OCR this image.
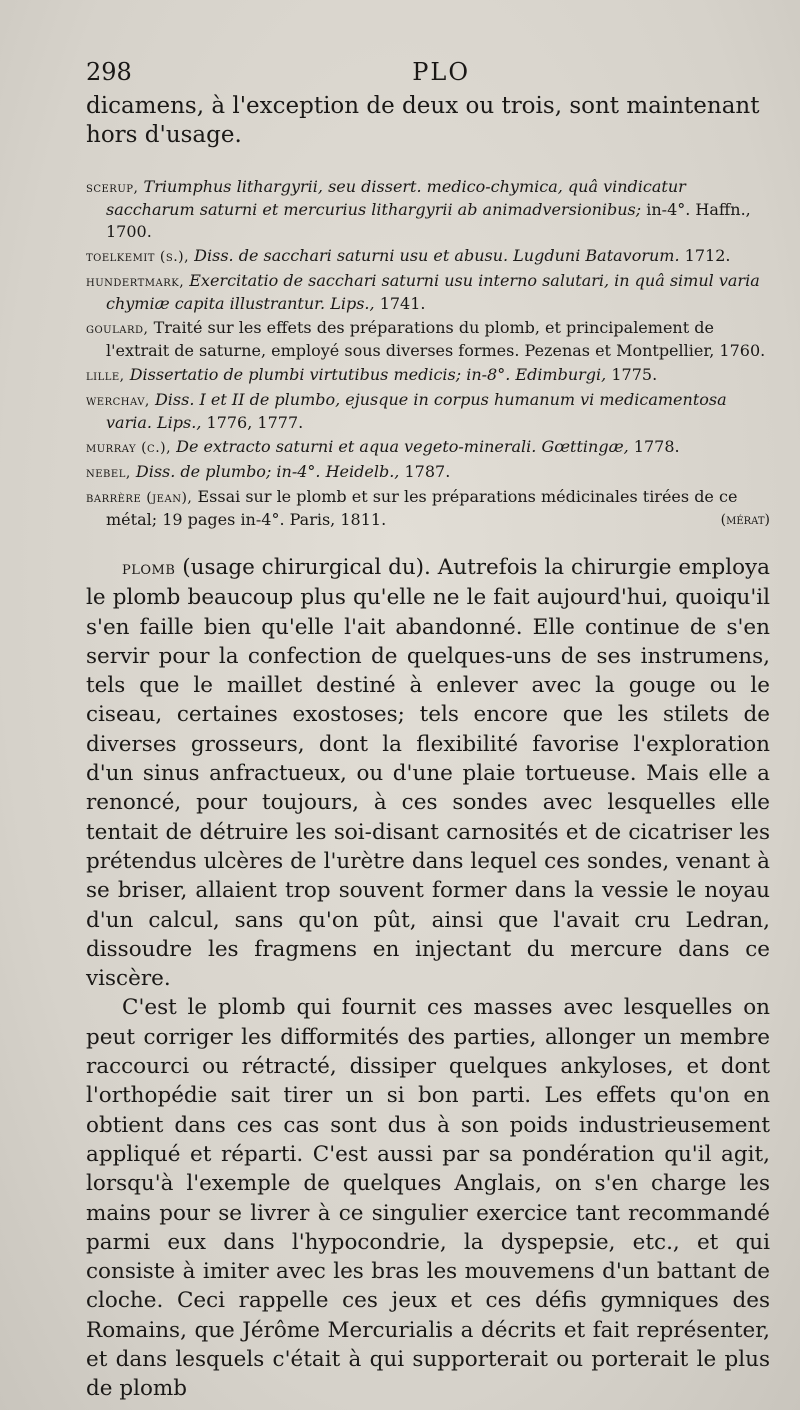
298	PLO
dicamens, à l'exception de deux ou trois, sont maintenant hors d'usage.
scerup, Triumphus lithargyrii, seu dissert. medico-chymica, quâ vindicatur saccharum saturni et mercurius lithargyrii ab animadversionibus; in-4°. Haffn., 1700.
toelkemit (s.), Diss. de sacchari saturni usu et abusu. Lugduni Batavorum. 1712.
hundertmark, Exercitatio de sacchari saturni usu interno salutari, in quâ simul varia chymiæ capita illustrantur. Lips., 1741.
goulard, Traité sur les effets des préparations du plomb, et principalement de l'extrait de saturne, employé sous diverses formes. Pezenas et Montpellier, 1760.
lille, Dissertatio de plumbi virtutibus medicis; in-8°. Edimburgi, 1775.
werchav, Diss. I et II de plumbo, ejusque in corpus humanum vi medicamentosa varia. Lips., 1776, 1777.
murray (c.), De extracto saturni et aqua vegeto-minerali. Gœttingæ, 1778.
nebel, Diss. de plumbo; in-4°. Heidelb., 1787.
barrère (jean), Essai sur le plomb et sur les préparations médicinales tirées de ce métal; 19 pages in-4°. Paris, 1811.	(mérat)

plomb (usage chirurgical du). Autrefois la chirurgie employa le plomb beaucoup plus qu'elle ne le fait aujourd'hui, quoiqu'il s'en faille bien qu'elle l'ait abandonné. Elle continue de s'en servir pour la confection de quelques-uns de ses instrumens, tels que le maillet destiné à enlever avec la gouge ou le ciseau, certaines exostoses; tels encore que les stilets de diverses grosseurs, dont la flexibilité favorise l'exploration d'un sinus anfractueux, ou d'une plaie tortueuse. Mais elle a renoncé, pour toujours, à ces sondes avec lesquelles elle tentait de détruire les soi-disant carnosités et de cicatriser les prétendus ulcères de l'urètre dans lequel ces sondes, venant à se briser, allaient trop souvent former dans la vessie le noyau d'un calcul, sans qu'on pût, ainsi que l'avait cru Ledran, dissoudre les fragmens en injectant du mercure dans ce viscère.

C'est le plomb qui fournit ces masses avec lesquelles on peut corriger les difformités des parties, allonger un membre raccourci ou rétracté, dissiper quelques ankyloses, et dont l'orthopédie sait tirer un si bon parti. Les effets qu'on en obtient dans ces cas sont dus à son poids industrieusement appliqué et réparti. C'est aussi par sa pondération qu'il agit, lorsqu'à l'exemple de quelques Anglais, on s'en charge les mains pour se livrer à ce singulier exercice tant recommandé parmi eux dans l'hypocondrie, la dyspepsie, etc., et qui consiste à imiter avec les bras les mouvemens d'un battant de cloche. Ceci rappelle ces jeux et ces défis gymniques des Romains, que Jérôme Mercurialis a décrits et fait représenter, et dans lesquels c'était à qui supporterait ou porterait le plus de plomb
